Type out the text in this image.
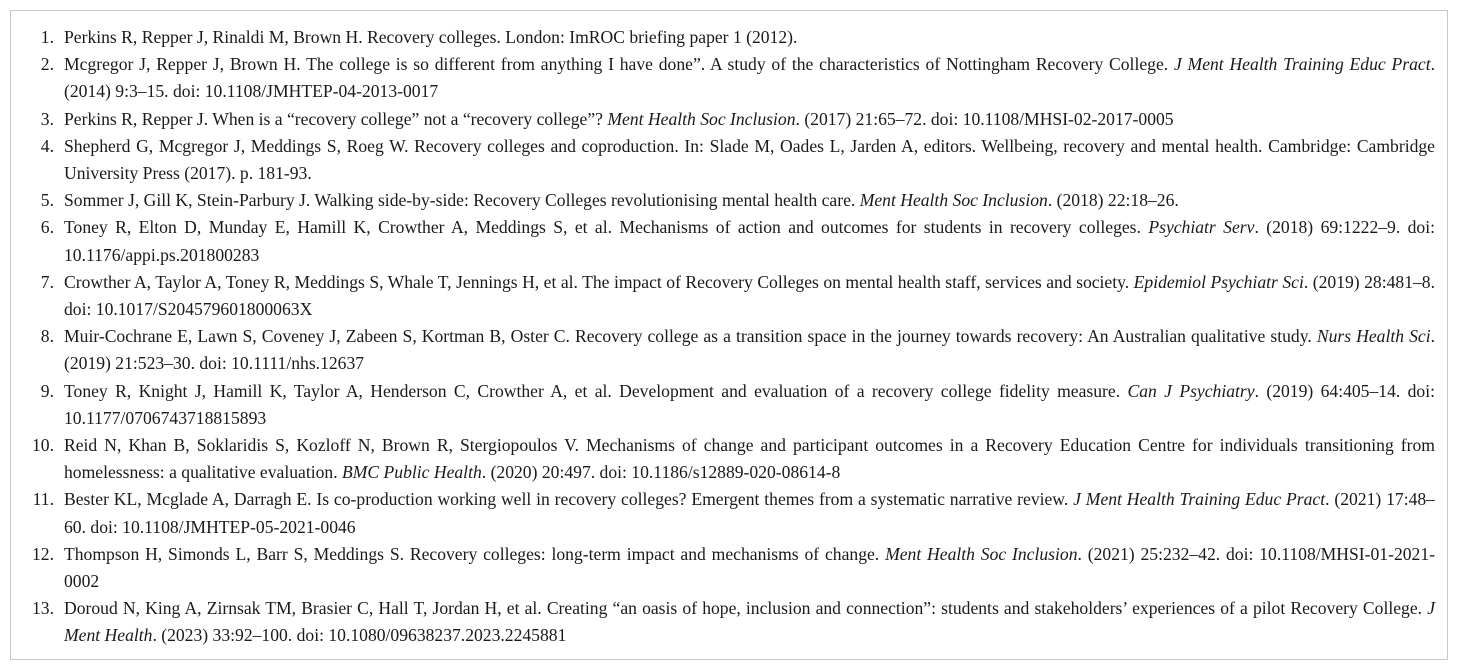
1. Perkins R, Repper J, Rinaldi M, Brown H. Recovery colleges. London: ImROC briefing paper 1 (2012).
2. Mcgregor J, Repper J, Brown H. The college is so different from anything I have done”. A study of the characteristics of Nottingham Recovery College. J Ment Health Training Educ Pract. (2014) 9:3–15. doi: 10.1108/JMHTEP-04-2013-0017
3. Perkins R, Repper J. When is a “recovery college” not a “recovery college”? Ment Health Soc Inclusion. (2017) 21:65–72. doi: 10.1108/MHSI-02-2017-0005
4. Shepherd G, Mcgregor J, Meddings S, Roeg W. Recovery colleges and coproduction. In: Slade M, Oades L, Jarden A, editors. Wellbeing, recovery and mental health. Cambridge: Cambridge University Press (2017). p. 181-93.
5. Sommer J, Gill K, Stein-Parbury J. Walking side-by-side: Recovery Colleges revolutionising mental health care. Ment Health Soc Inclusion. (2018) 22:18–26.
6. Toney R, Elton D, Munday E, Hamill K, Crowther A, Meddings S, et al. Mechanisms of action and outcomes for students in recovery colleges. Psychiatr Serv. (2018) 69:1222–9. doi: 10.1176/appi.ps.201800283
7. Crowther A, Taylor A, Toney R, Meddings S, Whale T, Jennings H, et al. The impact of Recovery Colleges on mental health staff, services and society. Epidemiol Psychiatr Sci. (2019) 28:481–8. doi: 10.1017/S204579601800063X
8. Muir-Cochrane E, Lawn S, Coveney J, Zabeen S, Kortman B, Oster C. Recovery college as a transition space in the journey towards recovery: An Australian qualitative study. Nurs Health Sci. (2019) 21:523–30. doi: 10.1111/nhs.12637
9. Toney R, Knight J, Hamill K, Taylor A, Henderson C, Crowther A, et al. Development and evaluation of a recovery college fidelity measure. Can J Psychiatry. (2019) 64:405–14. doi: 10.1177/0706743718815893
10. Reid N, Khan B, Soklaridis S, Kozloff N, Brown R, Stergiopoulos V. Mechanisms of change and participant outcomes in a Recovery Education Centre for individuals transitioning from homelessness: a qualitative evaluation. BMC Public Health. (2020) 20:497. doi: 10.1186/s12889-020-08614-8
11. Bester KL, Mcglade A, Darragh E. Is co-production working well in recovery colleges? Emergent themes from a systematic narrative review. J Ment Health Training Educ Pract. (2021) 17:48–60. doi: 10.1108/JMHTEP-05-2021-0046
12. Thompson H, Simonds L, Barr S, Meddings S. Recovery colleges: long-term impact and mechanisms of change. Ment Health Soc Inclusion. (2021) 25:232–42. doi: 10.1108/MHSI-01-2021-0002
13. Doroud N, King A, Zirnsak TM, Brasier C, Hall T, Jordan H, et al. Creating “an oasis of hope, inclusion and connection”: students and stakeholders’ experiences of a pilot Recovery College. J Ment Health. (2023) 33:92–100. doi: 10.1080/09638237.2023.2245881
